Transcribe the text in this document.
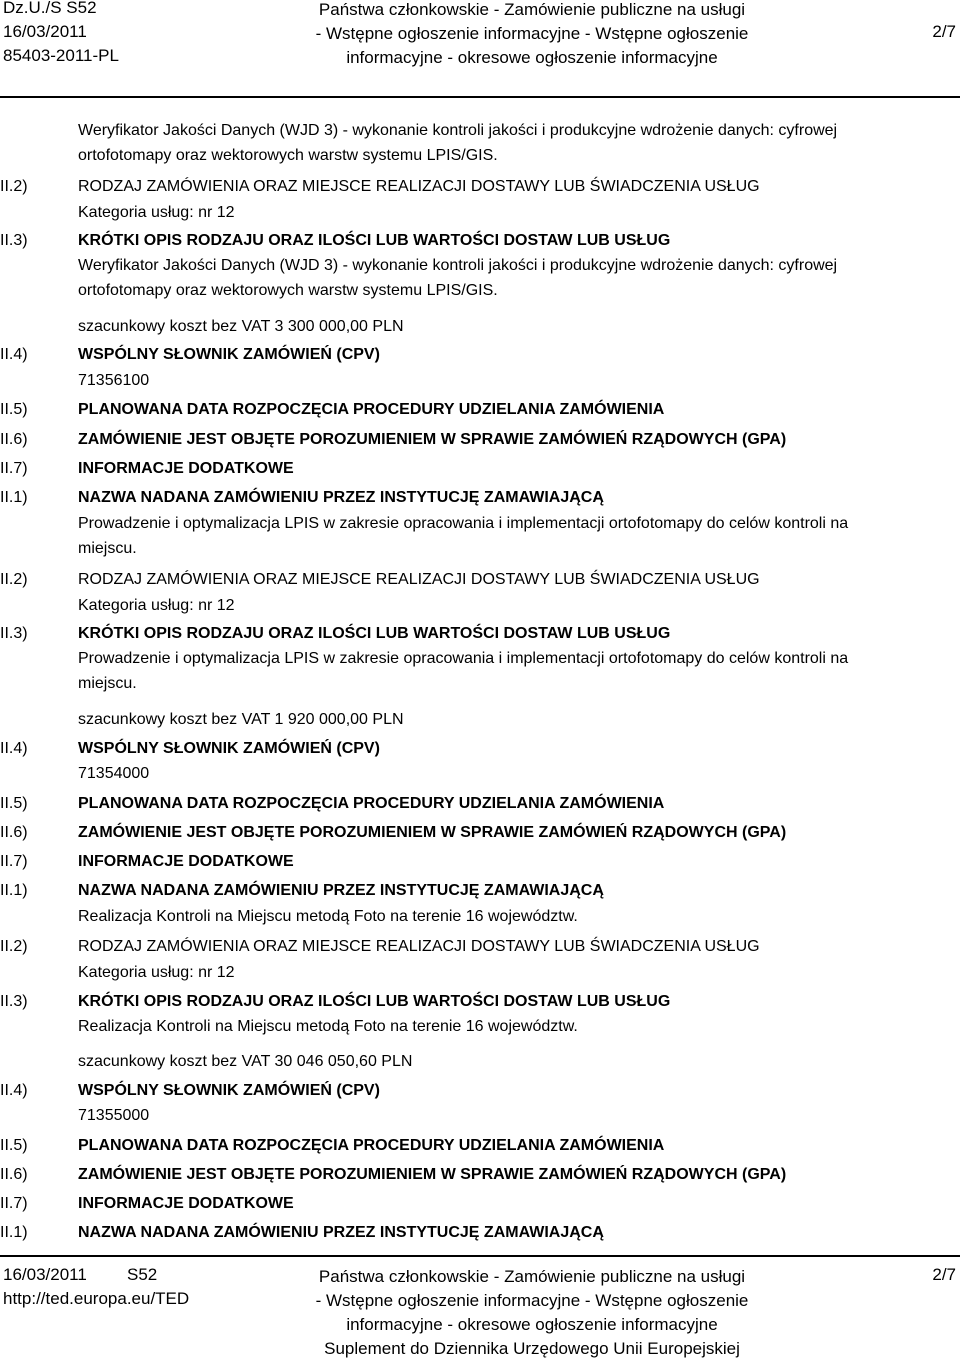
Dz.U./S S52
16/03/2011
85403-2011-PL
Państwa członkowskie - Zamówienie publiczne na usługi
- Wstępne ogłoszenie informacyjne - Wstępne ogłoszenie
informacyjne - okresowe ogłoszenie informacyjne
2/7
Weryfikator Jakości Danych (WJD 3) - wykonanie kontroli jakości i produkcyjne wdrożenie danych: cyfrowej
ortofotomapy oraz wektorowych warstw systemu LPIS/GIS.
II.2)	RODZAJ ZAMÓWIENIA ORAZ MIEJSCE REALIZACJI DOSTAWY LUB ŚWIADCZENIA USŁUG
Kategoria usług: nr 12
II.3)	KRÓTKI OPIS RODZAJU ORAZ ILOŚCI LUB WARTOŚCI DOSTAW LUB USŁUG
Weryfikator Jakości Danych (WJD 3) - wykonanie kontroli jakości i produkcyjne wdrożenie danych: cyfrowej
ortofotomapy oraz wektorowych warstw systemu LPIS/GIS.
szacunkowy koszt bez VAT 3 300 000,00 PLN
II.4)	WSPÓLNY SŁOWNIK ZAMÓWIEŃ (CPV)
71356100
II.5)	PLANOWANA DATA ROZPOCZĘCIA PROCEDURY UDZIELANIA ZAMÓWIENIA
II.6)	ZAMÓWIENIE JEST OBJĘTE POROZUMIENIEM W SPRAWIE ZAMÓWIEŃ RZĄDOWYCH (GPA)
II.7)	INFORMACJE DODATKOWE
II.1)	NAZWA NADANA ZAMÓWIENIU PRZEZ INSTYTUCJĘ ZAMAWIAJĄCĄ
Prowadzenie i optymalizacja LPIS w zakresie opracowania i implementacji ortofotomapy do celów kontroli na
miejscu.
II.2)	RODZAJ ZAMÓWIENIA ORAZ MIEJSCE REALIZACJI DOSTAWY LUB ŚWIADCZENIA USŁUG
Kategoria usług: nr 12
II.3)	KRÓTKI OPIS RODZAJU ORAZ ILOŚCI LUB WARTOŚCI DOSTAW LUB USŁUG
Prowadzenie i optymalizacja LPIS w zakresie opracowania i implementacji ortofotomapy do celów kontroli na
miejscu.
szacunkowy koszt bez VAT 1 920 000,00 PLN
II.4)	WSPÓLNY SŁOWNIK ZAMÓWIEŃ (CPV)
71354000
II.5)	PLANOWANA DATA ROZPOCZĘCIA PROCEDURY UDZIELANIA ZAMÓWIENIA
II.6)	ZAMÓWIENIE JEST OBJĘTE POROZUMIENIEM W SPRAWIE ZAMÓWIEŃ RZĄDOWYCH (GPA)
II.7)	INFORMACJE DODATKOWE
II.1)	NAZWA NADANA ZAMÓWIENIU PRZEZ INSTYTUCJĘ ZAMAWIAJĄCĄ
Realizacja Kontroli na Miejscu metodą Foto na terenie 16 województw.
II.2)	RODZAJ ZAMÓWIENIA ORAZ MIEJSCE REALIZACJI DOSTAWY LUB ŚWIADCZENIA USŁUG
Kategoria usług: nr 12
II.3)	KRÓTKI OPIS RODZAJU ORAZ ILOŚCI LUB WARTOŚCI DOSTAW LUB USŁUG
Realizacja Kontroli na Miejscu metodą Foto na terenie 16 województw.
szacunkowy koszt bez VAT 30 046 050,60 PLN
II.4)	WSPÓLNY SŁOWNIK ZAMÓWIEŃ (CPV)
71355000
II.5)	PLANOWANA DATA ROZPOCZĘCIA PROCEDURY UDZIELANIA ZAMÓWIENIA
II.6)	ZAMÓWIENIE JEST OBJĘTE POROZUMIENIEM W SPRAWIE ZAMÓWIEŃ RZĄDOWYCH (GPA)
II.7)	INFORMACJE DODATKOWE
II.1)	NAZWA NADANA ZAMÓWIENIU PRZEZ INSTYTUCJĘ ZAMAWIAJĄCĄ
16/03/2011 S52
http://ted.europa.eu/TED
Państwa członkowskie - Zamówienie publiczne na usługi
- Wstępne ogłoszenie informacyjne - Wstępne ogłoszenie
informacyjne - okresowe ogłoszenie informacyjne
Suplement do Dziennika Urzędowego Unii Europejskiej
2/7
